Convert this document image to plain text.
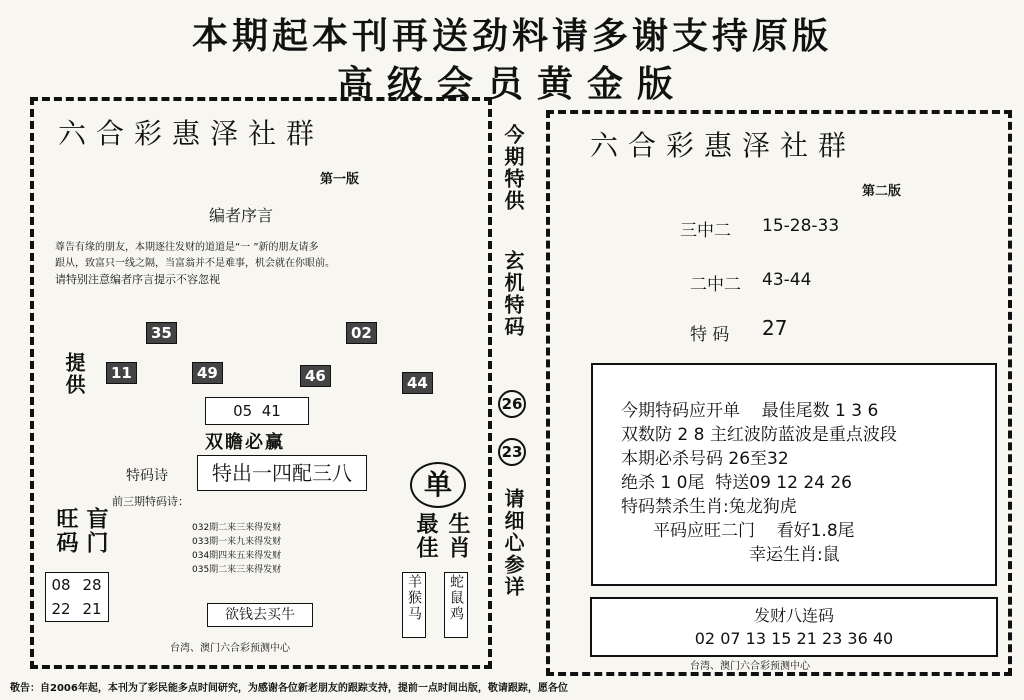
本期起本刊再送劲料请多谢支持原版
高级会员黄金版
六合彩惠泽社群
第一版
编者序言
尊告有缘的朋友，本期逐往发财的道道是“一 ”新的朋友请多
跟从，致富只一线之隔，当富翁并不是难事，机会就在你眼前。
请特别注意编者序言提示不容忽视
35	02
提供	11	49	46	44
05  41
双瞻必赢
特码诗	特出一四配三八
前三期特码诗：
032期二来三来得发财
033期一来九来得发财
034期四来五来得发财
035期二来三来得发财
旺码 盲门
08 28
22 21
单
最佳 生肖
羊猴马 蛇鼠鸡
欲钱去买牛
台湾、澳门六合彩预测中心
今期特供
玄机特码
26
23
请细心参详
六合彩惠泽社群
第二版
三中二 15-28-33
二中二 43-44
特 码 27
今期特码应开单    最佳尾数 1 3 6
双数防 2 8 主红波防蓝波是重点波段
本期必杀号码 26至32
绝杀 1 0尾  特送09 12 24 26
特码禁杀生肖:兔龙狗虎
平码应旺二门    看好1.8尾
幸运生肖:鼠
发财八连码
02 07 13 15 21 23 36 40
台湾、澳门六合彩预测中心
敬告：自2006年起，本刊为了彩民能多点时间研究，为感谢各位新老朋友的跟踪支持，提前一点时间出版，敬请跟踪，愿各位
